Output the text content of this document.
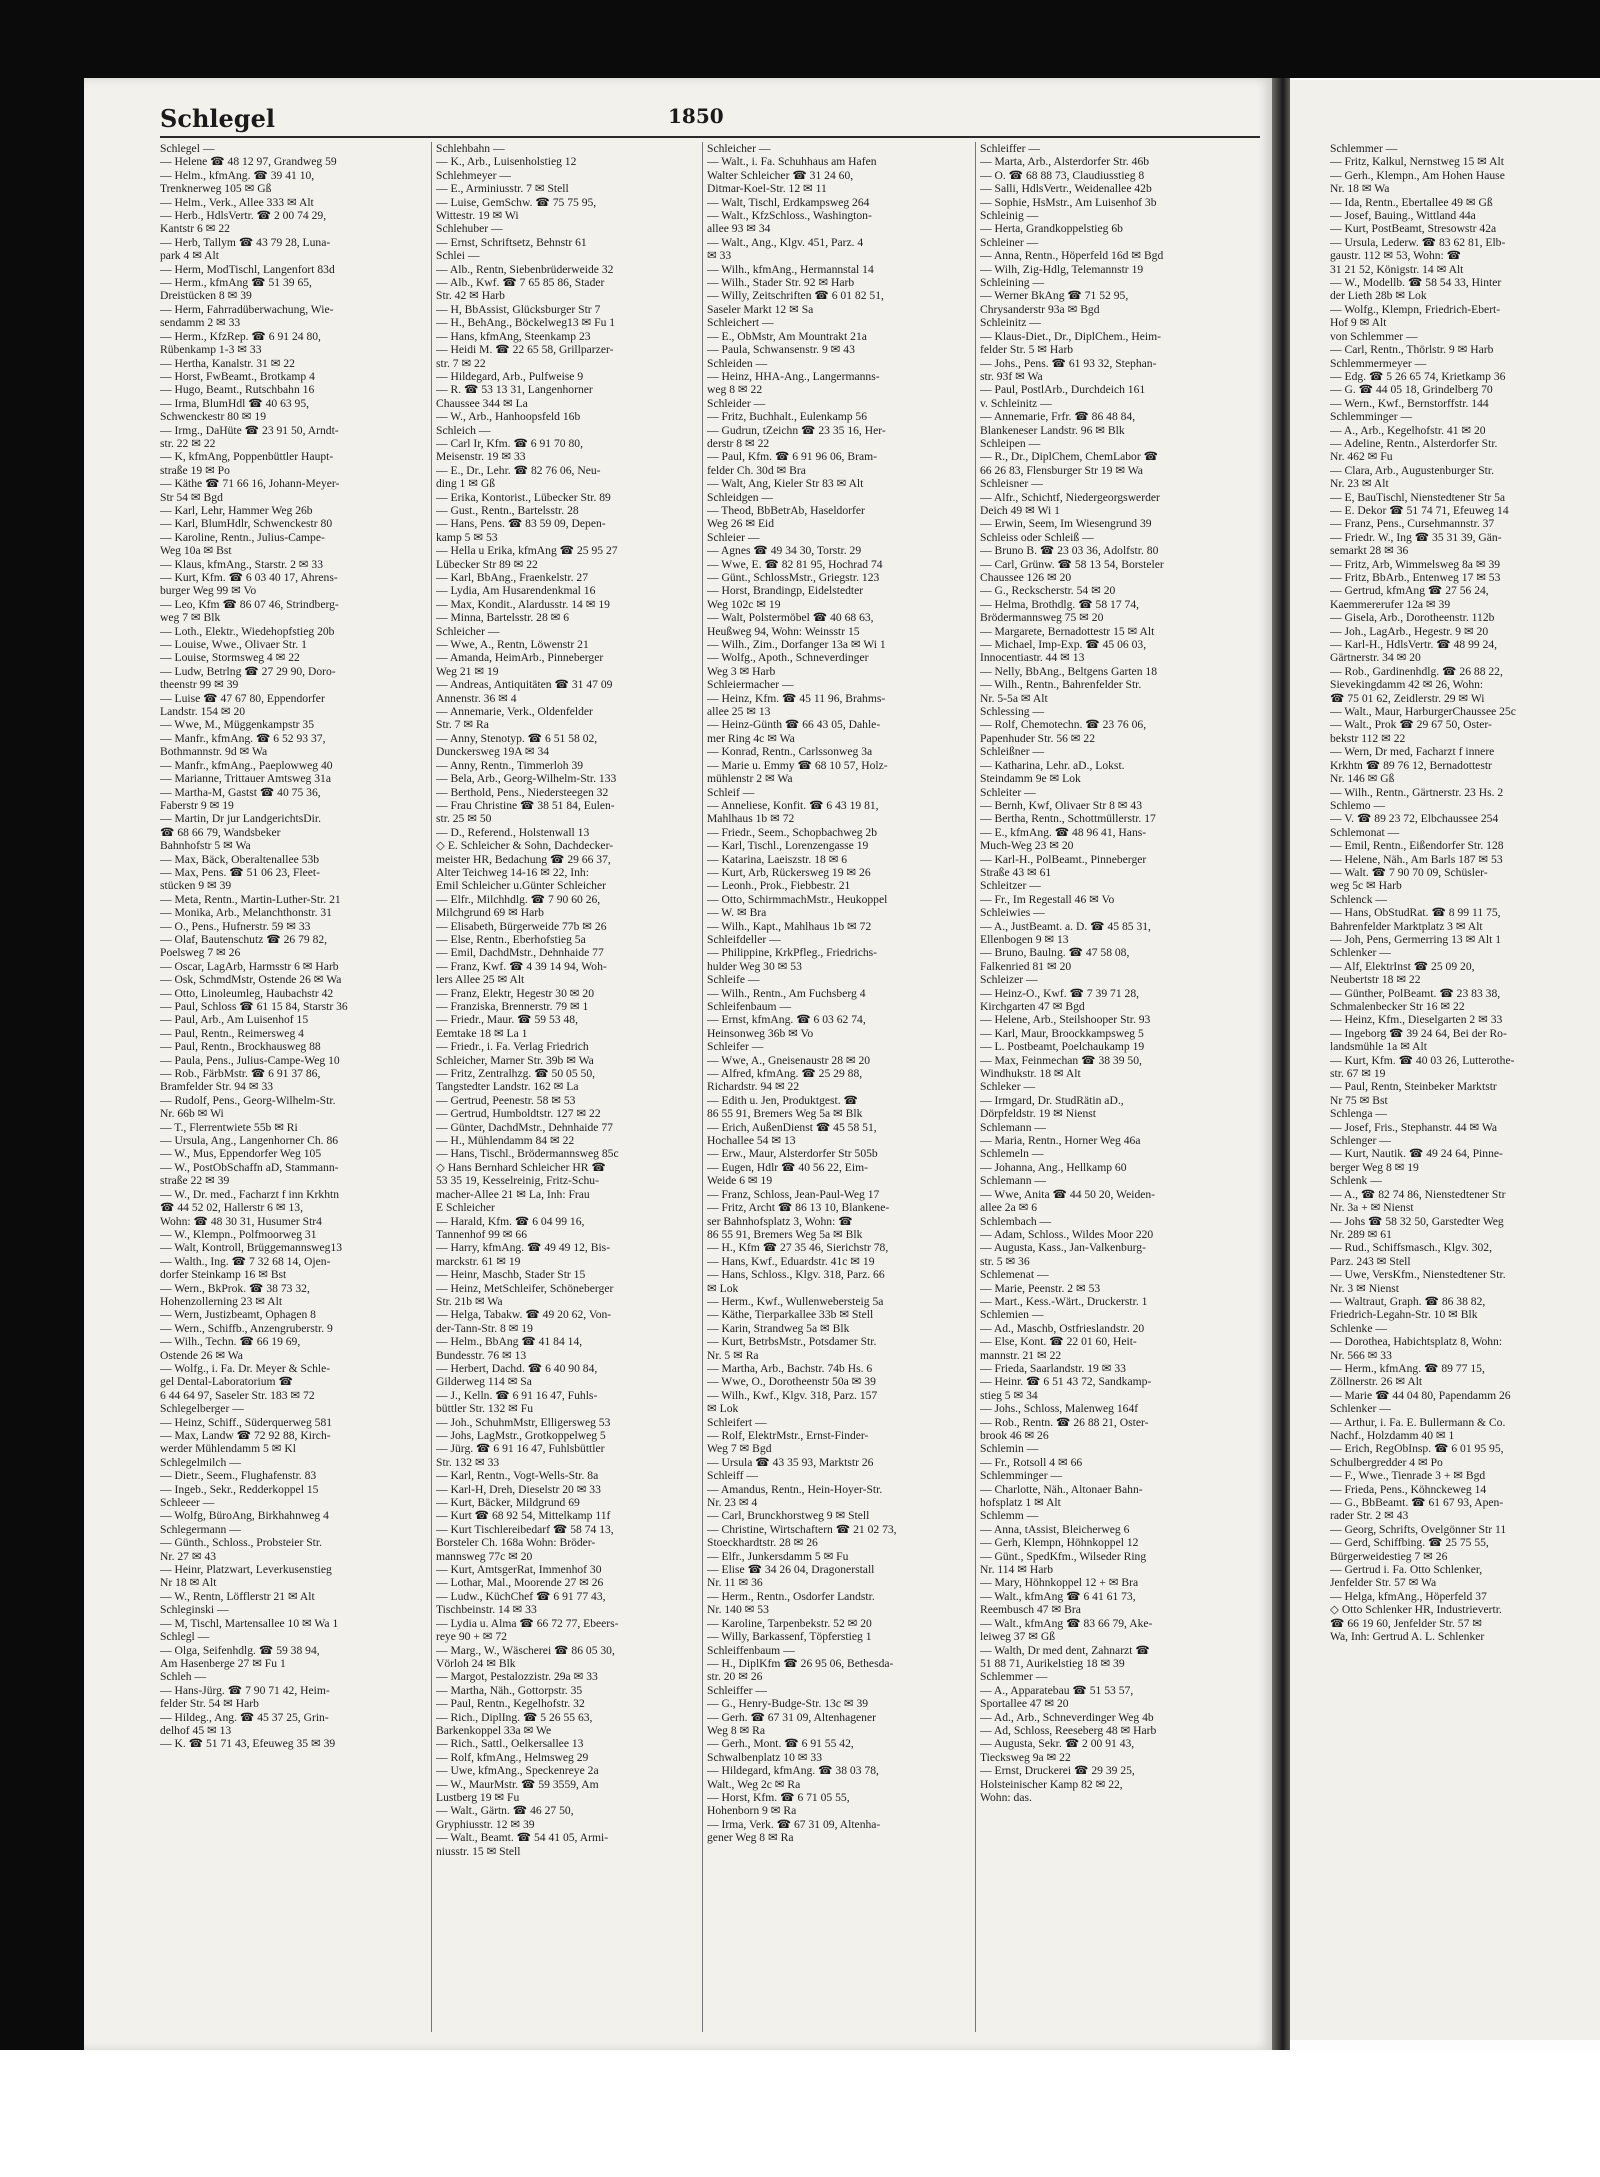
Schlegel	1850
Schlegel —
— Helene ☎ 48 12 97, Grandweg 59
— Helm., kfmAng. ☎ 39 41 10,
Trenknerweg 105 ✉ Gß
— Helm., Verk., Allee 333 ✉ Alt
— Herb., HdlsVertr. ☎ 2 00 74 29,
Kantstr 6 ✉ 22
— Herb, Tallym ☎ 43 79 28, Luna-
park 4 ✉ Alt
— Herm, ModTischl, Langenfort 83d
— Herm., kfmAng ☎ 51 39 65,
Dreistücken 8 ✉ 39
— Herm, Fahrradüberwachung, Wie-
sendamm 2 ✉ 33
— Herm., KfzRep. ☎ 6 91 24 80,
Rübenkamp 1-3 ✉ 33
— Hertha, Kanalstr. 31 ✉ 22
— Horst, FwBeamt., Brotkamp 4
— Hugo, Beamt., Rutschbahn 16
— Irma, BlumHdl ☎ 40 63 95,
Schwenckestr 80 ✉ 19
— Irmg., DaHüte ☎ 23 91 50, Arndt-
str. 22 ✉ 22
— K, kfmAng, Poppenbüttler Haupt-
straße 19 ✉ Po
— Käthe ☎ 71 66 16, Johann-Meyer-
Str 54 ✉ Bgd
— Karl, Lehr, Hammer Weg 26b
— Karl, BlumHdlr, Schwenckestr 80
— Karoline, Rentn., Julius-Campe-
Weg 10a ✉ Bst
— Klaus, kfmAng., Starstr. 2 ✉ 33
— Kurt, Kfm. ☎ 6 03 40 17, Ahrens-
burger Weg 99 ✉ Vo
— Leo, Kfm ☎ 86 07 46, Strindberg-
weg 7 ✉ Blk
— Loth., Elektr., Wiedehopfstieg 20b
— Louise, Wwe., Olivaer Str. 1
— Louise, Stormsweg 4 ✉ 22
— Ludw, Betrlng ☎ 27 29 90, Doro-
theenstr 99 ✉ 39
— Luise ☎ 47 67 80, Eppendorfer
Landstr. 154 ✉ 20
— Wwe, M., Müggenkampstr 35
— Manfr., kfmAng. ☎ 6 52 93 37,
Bothmannstr. 9d ✉ Wa
— Manfr., kfmAng., Paeplowweg 40
— Marianne, Trittauer Amtsweg 31a
— Martha-M, Gastst ☎ 40 75 36,
Faberstr 9 ✉ 19
— Martin, Dr jur LandgerichtsDir.
☎ 68 66 79, Wandsbeker
Bahnhofstr 5 ✉ Wa
— Max, Bäck, Oberaltenallee 53b
— Max, Pens. ☎ 51 06 23, Fleet-
stücken 9 ✉ 39
— Meta, Rentn., Martin-Luther-Str. 21
— Monika, Arb., Melanchthonstr. 31
— O., Pens., Hufnerstr. 59 ✉ 33
— Olaf, Bautenschutz ☎ 26 79 82,
Poelsweg 7 ✉ 26
— Oscar, LagArb, Harmsstr 6 ✉ Harb
— Osk, SchmdMstr, Ostende 26 ✉ Wa
— Otto, Linoleumleg, Haubachstr 42
— Paul, Schloss ☎ 61 15 84, Starstr 36
— Paul, Arb., Am Luisenhof 15
— Paul, Rentn., Reimersweg 4
— Paul, Rentn., Brockhausweg 88
— Paula, Pens., Julius-Campe-Weg 10
— Rob., FärbMstr. ☎ 6 91 37 86,
Bramfelder Str. 94 ✉ 33
— Rudolf, Pens., Georg-Wilhelm-Str.
Nr. 66b ✉ Wi
— T., Flerrentwiete 55b ✉ Ri
— Ursula, Ang., Langenhorner Ch. 86
— W., Mus, Eppendorfer Weg 105
— W., PostObSchaffn aD, Stammann-
straße 22 ✉ 39
— W., Dr. med., Facharzt f inn Krkhtn
☎ 44 52 02, Hallerstr 6 ✉ 13,
Wohn: ☎ 48 30 31, Husumer Str4
— W., Klempn., Polfmoorweg 31
— Walt, Kontroll, Brüggemannsweg13
— Walth., Ing. ☎ 7 32 68 14, Ojen-
dorfer Steinkamp 16 ✉ Bst
— Wern., BkProk. ☎ 38 73 32,
Hohenzollerning 23 ✉ Alt
— Wern, Justizbeamt, Ophagen 8
— Wern., Schiffb., Anzengruberstr. 9
— Wilh., Techn. ☎ 66 19 69,
Ostende 26 ✉ Wa
— Wolfg., i. Fa. Dr. Meyer & Schle-
gel Dental-Laboratorium ☎
6 44 64 97, Saseler Str. 183 ✉ 72
Schlegelberger —
— Heinz, Schiff., Süderquerweg 581
— Max, Landw ☎ 72 92 88, Kirch-
werder Mühlendamm 5 ✉ Kl
Schlegelmilch —
— Dietr., Seem., Flughafenstr. 83
— Ingeb., Sekr., Redderkoppel 15
Schleeer —
— Wolfg, BüroAng, Birkhahnweg 4
Schlegermann —
— Günth., Schloss., Probsteier Str.
Nr. 27 ✉ 43
— Heinr, Platzwart, Leverkusenstieg
Nr 18 ✉ Alt
— W., Rentn, Löfflerstr 21 ✉ Alt
Schleginski —
— M, Tischl, Martensallee 10 ✉ Wa 1
Schlegl —
— Olga, Seifenhdlg. ☎ 59 38 94,
Am Hasenberge 27 ✉ Fu 1
Schleh —
— Hans-Jürg. ☎ 7 90 71 42, Heim-
felder Str. 54 ✉ Harb
— Hildeg., Ang. ☎ 45 37 25, Grin-
delhof 45 ✉ 13
— K. ☎ 51 71 43, Efeuweg 35 ✉ 39
Schlehbahn —
— K., Arb., Luisenholstieg 12
Schlehmeyer —
— E., Arminiusstr. 7 ✉ Stell
— Luise, GemSchw. ☎ 75 75 95,
Wittestr. 19 ✉ Wi
Schlehuber —
— Ernst, Schriftsetz, Behnstr 61
Schlei —
— Alb., Rentn, Siebenbrüderweide 32
— Alb., Kwf. ☎ 7 65 85 86, Stader
Str. 42 ✉ Harb
— H, BbAssist, Glücksburger Str 7
— H., BehAng., Böckelweg13 ✉ Fu 1
— Hans, kfmAng, Steenkamp 23
— Heidi M. ☎ 22 65 58, Grillparzer-
str. 7 ✉ 22
— Hildegard, Arb., Pulfweise 9
— R. ☎ 53 13 31, Langenhorner
Chaussee 344 ✉ La
— W., Arb., Hanhoopsfeld 16b
Schleich —
— Carl Ir, Kfm. ☎ 6 91 70 80,
Meisenstr. 19 ✉ 33
— E., Dr., Lehr. ☎ 82 76 06, Neu-
ding 1 ✉ Gß
— Erika, Kontorist., Lübecker Str. 89
— Gust., Rentn., Bartelsstr. 28
— Hans, Pens. ☎ 83 59 09, Depen-
kamp 5 ✉ 53
— Hella u Erika, kfmAng ☎ 25 95 27
Lübecker Str 89 ✉ 22
— Karl, BbAng., Fraenkelstr. 27
— Lydia, Am Husarendenkmal 16
— Max, Kondit., Alardusstr. 14 ✉ 19
— Minna, Bartelsstr. 28 ✉ 6
Schleicher —
— Wwe, A., Rentn, Löwenstr 21
— Amanda, HeimArb., Pinneberger
Weg 21 ✉ 19
— Andreas, Antiquitäten ☎ 31 47 09
Annenstr. 36 ✉ 4
— Annemarie, Verk., Oldenfelder
Str. 7 ✉ Ra
— Anny, Stenotyp. ☎ 6 51 58 02,
Dunckersweg 19A ✉ 34
— Anny, Rentn., Timmerloh 39
— Bela, Arb., Georg-Wilhelm-Str. 133
— Berthold, Pens., Niedersteegen 32
— Frau Christine ☎ 38 51 84, Eulen-
str. 25 ✉ 50
— D., Referend., Holstenwall 13
◇ E. Schleicher & Sohn, Dachdecker-
meister HR, Bedachung ☎ 29 66 37,
Alter Teichweg 14-16 ✉ 22, Inh:
Emil Schleicher u.Günter Schleicher
— Elfr., Milchhdlg. ☎ 7 90 60 26,
Milchgrund 69 ✉ Harb
— Elisabeth, Bürgerweide 77b ✉ 26
— Else, Rentn., Eberhofstieg 5a
— Emil, DachdMstr., Dehnhaide 77
— Franz, Kwf. ☎ 4 39 14 94, Woh-
lers Allee 25 ✉ Alt
— Franz, Elektr, Hegestr 30 ✉ 20
— Franziska, Brennerstr. 79 ✉ 1
— Friedr., Maur. ☎ 59 53 48,
Eemtake 18 ✉ La 1
— Friedr., i. Fa. Verlag Friedrich
Schleicher, Marner Str. 39b ✉ Wa
— Fritz, Zentralhzg. ☎ 50 05 50,
Tangstedter Landstr. 162 ✉ La
— Gertrud, Peenestr. 58 ✉ 53
— Gertrud, Humboldtstr. 127 ✉ 22
— Günter, DachdMstr., Dehnhaide 77
— H., Mühlendamm 84 ✉ 22
— Hans, Tischl., Brödermannsweg 85c
◇ Hans Bernhard Schleicher HR ☎
53 35 19, Kesselreinig, Fritz-Schu-
macher-Allee 21 ✉ La, Inh: Frau
E Schleicher
— Harald, Kfm. ☎ 6 04 99 16,
Tannenhof 99 ✉ 66
— Harry, kfmAng. ☎ 49 49 12, Bis-
marckstr. 61 ✉ 19
— Heinr, Maschb, Stader Str 15
— Heinz, MetSchleifer, Schöneberger
Str. 21b ✉ Wa
— Helga, Tabakw. ☎ 49 20 62, Von-
der-Tann-Str. 8 ✉ 19
— Helm., BbAng ☎ 41 84 14,
Bundesstr. 76 ✉ 13
— Herbert, Dachd. ☎ 6 40 90 84,
Gilderweg 114 ✉ Sa
— J., Kelln. ☎ 6 91 16 47, Fuhls-
büttler Str. 132 ✉ Fu
— Joh., SchuhmMstr, Elligersweg 53
— Johs, LagMstr., Grotkoppelweg 5
— Jürg. ☎ 6 91 16 47, Fuhlsbüttler
Str. 132 ✉ 33
— Karl, Rentn., Vogt-Wells-Str. 8a
— Karl-H, Dreh, Dieselstr 20 ✉ 33
— Kurt, Bäcker, Mildgrund 69
— Kurt ☎ 68 92 54, Mittelkamp 11f
— Kurt Tischlereibedarf ☎ 58 74 13,
Borsteler Ch. 168a Wohn: Bröder-
mannsweg 77c ✉ 20
— Kurt, AmtsgerRat, Immenhof 30
— Lothar, Mal., Moorende 27 ✉ 26
— Ludw., KüchChef ☎ 6 91 77 43,
Tischbeinstr. 14 ✉ 33
— Lydia u. Alma ☎ 66 72 77, Ebeers-
reye 90 + ✉ 72
— Marg., W., Wäscherei ☎ 86 05 30,
Vörloh 24 ✉ Blk
— Margot, Pestalozzistr. 29a ✉ 33
— Martha, Näh., Gottorpstr. 35
— Paul, Rentn., Kegelhofstr. 32
— Rich., DiplIng. ☎ 5 26 55 63,
Barkenkoppel 33a ✉ We
— Rich., Sattl., Oelkersallee 13
— Rolf, kfmAng., Helmsweg 29
— Uwe, kfmAng., Speckenreye 2a
— W., MaurMstr. ☎ 59 3559, Am
Lustberg 19 ✉ Fu
— Walt., Gärtn. ☎ 46 27 50,
Gryphiusstr. 12 ✉ 39
— Walt., Beamt. ☎ 54 41 05, Armi-
niusstr. 15 ✉ Stell
Schleicher —
— Walt., i. Fa. Schuhhaus am Hafen
Walter Schleicher ☎ 31 24 60,
Ditmar-Koel-Str. 12 ✉ 11
— Walt, Tischl, Erdkampsweg 264
— Walt., KfzSchloss., Washington-
allee 93 ✉ 34
— Walt., Ang., Klgv. 451, Parz. 4
✉ 33
— Wilh., kfmAng., Hermannstal 14
— Wilh., Stader Str. 92 ✉ Harb
— Willy, Zeitschriften ☎ 6 01 82 51,
Saseler Markt 12 ✉ Sa
Schleichert —
— E., ObMstr, Am Mountrakt 21a
— Paula, Schwansenstr. 9 ✉ 43
Schleiden —
— Heinz, HHA-Ang., Langermanns-
weg 8 ✉ 22
Schleider —
— Fritz, Buchhalt., Eulenkamp 56
— Gudrun, tZeichn ☎ 23 35 16, Her-
derstr 8 ✉ 22
— Paul, Kfm. ☎ 6 91 96 06, Bram-
felder Ch. 30d ✉ Bra
— Walt, Ang, Kieler Str 83 ✉ Alt
Schleidgen —
— Theod, BbBetrAb, Haseldorfer
Weg 26 ✉ Eid
Schleier —
— Agnes ☎ 49 34 30, Torstr. 29
— Wwe, E. ☎ 82 81 95, Hochrad 74
— Günt., SchlossMstr., Griegstr. 123
— Horst, Brandingp, Eidelstedter
Weg 102c ✉ 19
— Walt, Polstermöbel ☎ 40 68 63,
Heußweg 94, Wohn: Weinsstr 15
— Wilh., Zim., Dorfanger 13a ✉ Wi 1
— Wolfg., Apoth., Schneverdinger
Weg 3 ✉ Harb
Schleiermacher —
— Heinz, Kfm. ☎ 45 11 96, Brahms-
allee 25 ✉ 13
— Heinz-Günth ☎ 66 43 05, Dahle-
mer Ring 4c ✉ Wa
— Konrad, Rentn., Carlssonweg 3a
— Marie u. Emmy ☎ 68 10 57, Holz-
mühlenstr 2 ✉ Wa
Schleif —
— Anneliese, Konfit. ☎ 6 43 19 81,
Mahlhaus 1b ✉ 72
— Friedr., Seem., Schopbachweg 2b
— Karl, Tischl., Lorenzengasse 19
— Katarina, Laeiszstr. 18 ✉ 6
— Kurt, Arb, Rückersweg 19 ✉ 26
— Leonh., Prok., Fiebbestr. 21
— Otto, SchirmmachMstr., Heukoppel
— W. ✉ Bra
— Wilh., Kapt., Mahlhaus 1b ✉ 72
Schleifdeller —
— Philippine, KrkPfleg., Friedrichs-
hulder Weg 30 ✉ 53
Schleife —
— Wilh., Rentn., Am Fuchsberg 4
Schleifenbaum —
— Ernst, kfmAng. ☎ 6 03 62 74,
Heinsonweg 36b ✉ Vo
Schleifer —
— Wwe, A., Gneisenaustr 28 ✉ 20
— Alfred, kfmAng. ☎ 25 29 88,
Richardstr. 94 ✉ 22
— Edith u. Jen, Produktgest. ☎
86 55 91, Bremers Weg 5a ✉ Blk
— Erich, AußenDienst ☎ 45 58 51,
Hochallee 54 ✉ 13
— Erw., Maur, Alsterdorfer Str 505b
— Eugen, Hdlr ☎ 40 56 22, Eim-
Weide 6 ✉ 19
— Franz, Schloss, Jean-Paul-Weg 17
— Fritz, Archt ☎ 86 13 10, Blankene-
ser Bahnhofsplatz 3, Wohn: ☎
86 55 91, Bremers Weg 5a ✉ Blk
— H., Kfm ☎ 27 35 46, Sierichstr 78,
— Hans, Kwf., Eduardstr. 41c ✉ 19
— Hans, Schloss., Klgv. 318, Parz. 66
✉ Lok
— Herm., Kwf., Wullenwebersteig 5a
— Käthe, Tierparkallee 33b ✉ Stell
— Karin, Strandweg 5a ✉ Blk
— Kurt, BetrbsMstr., Potsdamer Str.
Nr. 5 ✉ Ra
— Martha, Arb., Bachstr. 74b Hs. 6
— Wwe, O., Dorotheenstr 50a ✉ 39
— Wilh., Kwf., Klgv. 318, Parz. 157
✉ Lok
Schleifert —
— Rolf, ElektrMstr., Ernst-Finder-
Weg 7 ✉ Bgd
— Ursula ☎ 43 35 93, Marktstr 26
Schleiff —
— Amandus, Rentn., Hein-Hoyer-Str.
Nr. 23 ✉ 4
— Carl, Brunckhorstweg 9 ✉ Stell
— Christine, Wirtschaftern ☎ 21 02 73,
Stoeckhardtstr. 28 ✉ 26
— Elfr., Junkersdamm 5 ✉ Fu
— Elise ☎ 34 26 04, Dragonerstall
Nr. 11 ✉ 36
— Herm., Rentn., Osdorfer Landstr.
Nr. 140 ✉ 53
— Karoline, Tarpenbekstr. 52 ✉ 20
— Willy, Barkassenf, Töpferstieg 1
Schleiffenbaum —
— H., DiplKfm ☎ 26 95 06, Bethesda-
str. 20 ✉ 26
Schleiffer —
— G., Henry-Budge-Str. 13c ✉ 39
— Gerh. ☎ 67 31 09, Altenhagener
Weg 8 ✉ Ra
— Gerh., Mont. ☎ 6 91 55 42,
Schwalbenplatz 10 ✉ 33
— Hildegard, kfmAng. ☎ 38 03 78,
Walt., Weg 2c ✉ Ra
— Horst, Kfm. ☎ 6 71 05 55,
Hohenborn 9 ✉ Ra
— Irma, Verk. ☎ 67 31 09, Altenha-
gener Weg 8 ✉ Ra
Schleiffer —
— Marta, Arb., Alsterdorfer Str. 46b
— O. ☎ 68 88 73, Claudiusstieg 8
— Salli, HdlsVertr., Weidenallee 42b
— Sophie, HsMstr., Am Luisenhof 3b
Schleinig —
— Herta, Grandkoppelstieg 6b
Schleiner —
— Anna, Rentn., Höperfeld 16d ✉ Bgd
— Wilh, Zig-Hdlg, Telemannstr 19
Schleining —
— Werner BkAng ☎ 71 52 95,
Chrysanderstr 93a ✉ Bgd
Schleinitz —
— Klaus-Diet., Dr., DiplChem., Heim-
felder Str. 5 ✉ Harb
— Johs., Pens. ☎ 61 93 32, Stephan-
str. 93f ✉ Wa
— Paul, PostlArb., Durchdeich 161
v. Schleinitz —
— Annemarie, Frfr. ☎ 86 48 84,
Blankeneser Landstr. 96 ✉ Blk
Schleipen —
— R., Dr., DiplChem, ChemLabor ☎
66 26 83, Flensburger Str 19 ✉ Wa
Schleisner —
— Alfr., Schichtf, Niedergeorgswerder
Deich 49 ✉ Wi 1
— Erwin, Seem, Im Wiesengrund 39
Schleiss oder Schleiß —
— Bruno B. ☎ 23 03 36, Adolfstr. 80
— Carl, Grünw. ☎ 58 13 54, Borsteler
Chaussee 126 ✉ 20
— G., Reckscherstr. 54 ✉ 20
— Helma, Brothdlg. ☎ 58 17 74,
Brödermannsweg 75 ✉ 20
— Margarete, Bernadottestr 15 ✉ Alt
— Michael, Imp-Exp. ☎ 45 06 03,
Innocentiastr. 44 ✉ 13
— Nelly, BbAng., Beltgens Garten 18
— Wilh., Rentn., Bahrenfelder Str.
Nr. 5-5a ✉ Alt
Schlessing —
— Rolf, Chemotechn. ☎ 23 76 06,
Papenhuder Str. 56 ✉ 22
Schleißner —
— Katharina, Lehr. aD., Lokst.
Steindamm 9e ✉ Lok
Schleiter —
— Bernh, Kwf, Olivaer Str 8 ✉ 43
— Bertha, Rentn., Schottmüllerstr. 17
— E., kfmAng. ☎ 48 96 41, Hans-
Much-Weg 23 ✉ 20
— Karl-H., PolBeamt., Pinneberger
Straße 43 ✉ 61
Schleitzer —
— Fr., Im Regestall 46 ✉ Vo
Schleiwies —
— A., JustBeamt. a. D. ☎ 45 85 31,
Ellenbogen 9 ✉ 13
— Bruno, Baulng. ☎ 47 58 08,
Falkenried 81 ✉ 20
Schleizer —
— Heinz-O., Kwf. ☎ 7 39 71 28,
Kirchgarten 47 ✉ Bgd
— Helene, Arb., Steilshooper Str. 93
— Karl, Maur, Broockkampsweg 5
— L. Postbeamt, Poelchaukamp 19
— Max, Feinmechan ☎ 38 39 50,
Windhukstr. 18 ✉ Alt
Schleker —
— Irmgard, Dr. StudRätin aD.,
Dörpfeldstr. 19 ✉ Nienst
Schlemann —
— Maria, Rentn., Horner Weg 46a
Schlemeln —
— Johanna, Ang., Hellkamp 60
Schlemann —
— Wwe, Anita ☎ 44 50 20, Weiden-
allee 2a ✉ 6
Schlembach —
— Adam, Schloss., Wildes Moor 220
— Augusta, Kass., Jan-Valkenburg-
str. 5 ✉ 36
Schlemenat —
— Marie, Peenstr. 2 ✉ 53
— Mart., Kess.-Wärt., Druckerstr. 1
Schlemien —
— Ad., Maschb, Ostfrieslandstr. 20
— Else, Kont. ☎ 22 01 60, Heit-
mannstr. 21 ✉ 22
— Frieda, Saarlandstr. 19 ✉ 33
— Heinr. ☎ 6 51 43 72, Sandkamp-
stieg 5 ✉ 34
— Johs., Schloss, Malenweg 164f
— Rob., Rentn. ☎ 26 88 21, Oster-
brook 46 ✉ 26
Schlemin —
— Fr., Rotsoll 4 ✉ 66
Schlemminger —
— Charlotte, Näh., Altonaer Bahn-
hofsplatz 1 ✉ Alt
Schlemm —
— Anna, tAssist, Bleicherweg 6
— Gerh, Klempn, Höhnkoppel 12
— Günt., SpedKfm., Wilseder Ring
Nr. 114 ✉ Harb
— Mary, Höhnkoppel 12 + ✉ Bra
— Walt., kfmAng ☎ 6 41 61 73,
Reembusch 47 ✉ Bra
— Walt., kfmAng ☎ 83 66 79, Ake-
leiweg 37 ✉ Gß
— Walth, Dr med dent, Zahnarzt ☎
51 88 71, Aurikelstieg 18 ✉ 39
Schlemmer —
— A., Apparatebau ☎ 51 53 57,
Sportallee 47 ✉ 20
— Ad., Arb., Schneverdinger Weg 4b
— Ad, Schloss, Reeseberg 48 ✉ Harb
— Augusta, Sekr. ☎ 2 00 91 43,
Tiecksweg 9a ✉ 22
— Ernst, Druckerei ☎ 29 39 25,
Holsteinischer Kamp 82 ✉ 22,
Wohn: das.
Schlemmer —
— Fritz, Kalkul, Nernstweg 15 ✉ Alt
— Gerh., Klempn., Am Hohen Hause
Nr. 18 ✉ Wa
— Ida, Rentn., Ebertallee 49 ✉ Gß
— Josef, Bauing., Wittland 44a
— Kurt, PostBeamt, Stresowstr 42a
— Ursula, Lederw. ☎ 83 62 81, Elb-
gaustr. 112 ✉ 53, Wohn: ☎
31 21 52, Königstr. 14 ✉ Alt
— W., Modellb. ☎ 58 54 33, Hinter
der Lieth 28b ✉ Lok
— Wolfg., Klempn, Friedrich-Ebert-
Hof 9 ✉ Alt
von Schlemmer —
— Carl, Rentn., Thörlstr. 9 ✉ Harb
Schlemmermeyer —
— Edg. ☎ 5 26 65 74, Krietkamp 36
— G. ☎ 44 05 18, Grindelberg 70
— Wern., Kwf., Bernstorffstr. 144
Schlemminger —
— A., Arb., Kegelhofstr. 41 ✉ 20
— Adeline, Rentn., Alsterdorfer Str.
Nr. 462 ✉ Fu
— Clara, Arb., Augustenburger Str.
Nr. 23 ✉ Alt
— E, BauTischl, Nienstedtener Str 5a
— E. Dekor ☎ 51 74 71, Efeuweg 14
— Franz, Pens., Cursehmannstr. 37
— Friedr. W., Ing ☎ 35 31 39, Gän-
semarkt 28 ✉ 36
— Fritz, Arb, Wimmelsweg 8a ✉ 39
— Fritz, BbArb., Entenweg 17 ✉ 53
— Gertrud, kfmAng ☎ 27 56 24,
Kaemmererufer 12a ✉ 39
— Gisela, Arb., Dorotheenstr. 112b
— Joh., LagArb., Hegestr. 9 ✉ 20
— Karl-H., HdlsVertr. ☎ 48 99 24,
Gärtnerstr. 34 ✉ 20
— Rob., Gardinenhdlg. ☎ 26 88 22,
Sievekingdamm 42 ✉ 26, Wohn:
☎ 75 01 62, Zeidlerstr. 29 ✉ Wi
— Walt., Maur, HarburgerChaussee 25c
— Walt., Prok ☎ 29 67 50, Oster-
bekstr 112 ✉ 22
— Wern, Dr med, Facharzt f innere
Krkhtn ☎ 89 76 12, Bernadottestr
Nr. 146 ✉ Gß
— Wilh., Rentn., Gärtnerstr. 23 Hs. 2
Schlemo —
— V. ☎ 89 23 72, Elbchaussee 254
Schlemonat —
— Emil, Rentn., Eißendorfer Str. 128
— Helene, Näh., Am Barls 187 ✉ 53
— Walt. ☎ 7 90 70 09, Schüsler-
weg 5c ✉ Harb
Schlenck —
— Hans, ObStudRat. ☎ 8 99 11 75,
Bahrenfelder Marktplatz 3 ✉ Alt
— Joh, Pens, Germerring 13 ✉ Alt 1
Schlenker —
— Alf, ElektrInst ☎ 25 09 20,
Neubertstr 18 ✉ 22
— Günther, PolBeamt. ☎ 23 83 38,
Schmalenbecker Str 16 ✉ 22
— Heinz, Kfm., Dieselgarten 2 ✉ 33
— Ingeborg ☎ 39 24 64, Bei der Ro-
landsmühle 1a ✉ Alt
— Kurt, Kfm. ☎ 40 03 26, Lutterothe-
str. 67 ✉ 19
— Paul, Rentn, Steinbeker Marktstr
Nr 75 ✉ Bst
Schlenga —
— Josef, Fris., Stephanstr. 44 ✉ Wa
Schlenger —
— Kurt, Nautik. ☎ 49 24 64, Pinne-
berger Weg 8 ✉ 19
Schlenk —
— A., ☎ 82 74 86, Nienstedtener Str
Nr. 3a + ✉ Nienst
— Johs ☎ 58 32 50, Garstedter Weg
Nr. 289 ✉ 61
— Rud., Schiffsmasch., Klgv. 302,
Parz. 243 ✉ Stell
— Uwe, VersKfm., Nienstedtener Str.
Nr. 3 ✉ Nienst
— Waltraut, Graph. ☎ 86 38 82,
Friedrich-Legahn-Str. 10 ✉ Blk
Schlenke —
— Dorothea, Habichtsplatz 8, Wohn:
Nr. 566 ✉ 33
— Herm., kfmAng. ☎ 89 77 15,
Zöllnerstr. 26 ✉ Alt
— Marie ☎ 44 04 80, Papendamm 26
Schlenker —
— Arthur, i. Fa. E. Bullermann & Co.
Nachf., Holzdamm 40 ✉ 1
— Erich, RegObInsp. ☎ 6 01 95 95,
Schulbergredder 4 ✉ Po
— F., Wwe., Tienrade 3 + ✉ Bgd
— Frieda, Pens., Köhnckeweg 14
— G., BbBeamt. ☎ 61 67 93, Apen-
rader Str. 2 ✉ 43
— Georg, Schrifts, Ovelgönner Str 11
— Gerd, Schiffbing. ☎ 25 75 55,
Bürgerweidestieg 7 ✉ 26
— Gertrud i. Fa. Otto Schlenker,
Jenfelder Str. 57 ✉ Wa
— Helga, kfmAng., Höperfeld 37
◇ Otto Schlenker HR, Industrievertr.
☎ 66 19 60, Jenfelder Str. 57 ✉
Wa, Inh: Gertrud A. L. Schlenker
